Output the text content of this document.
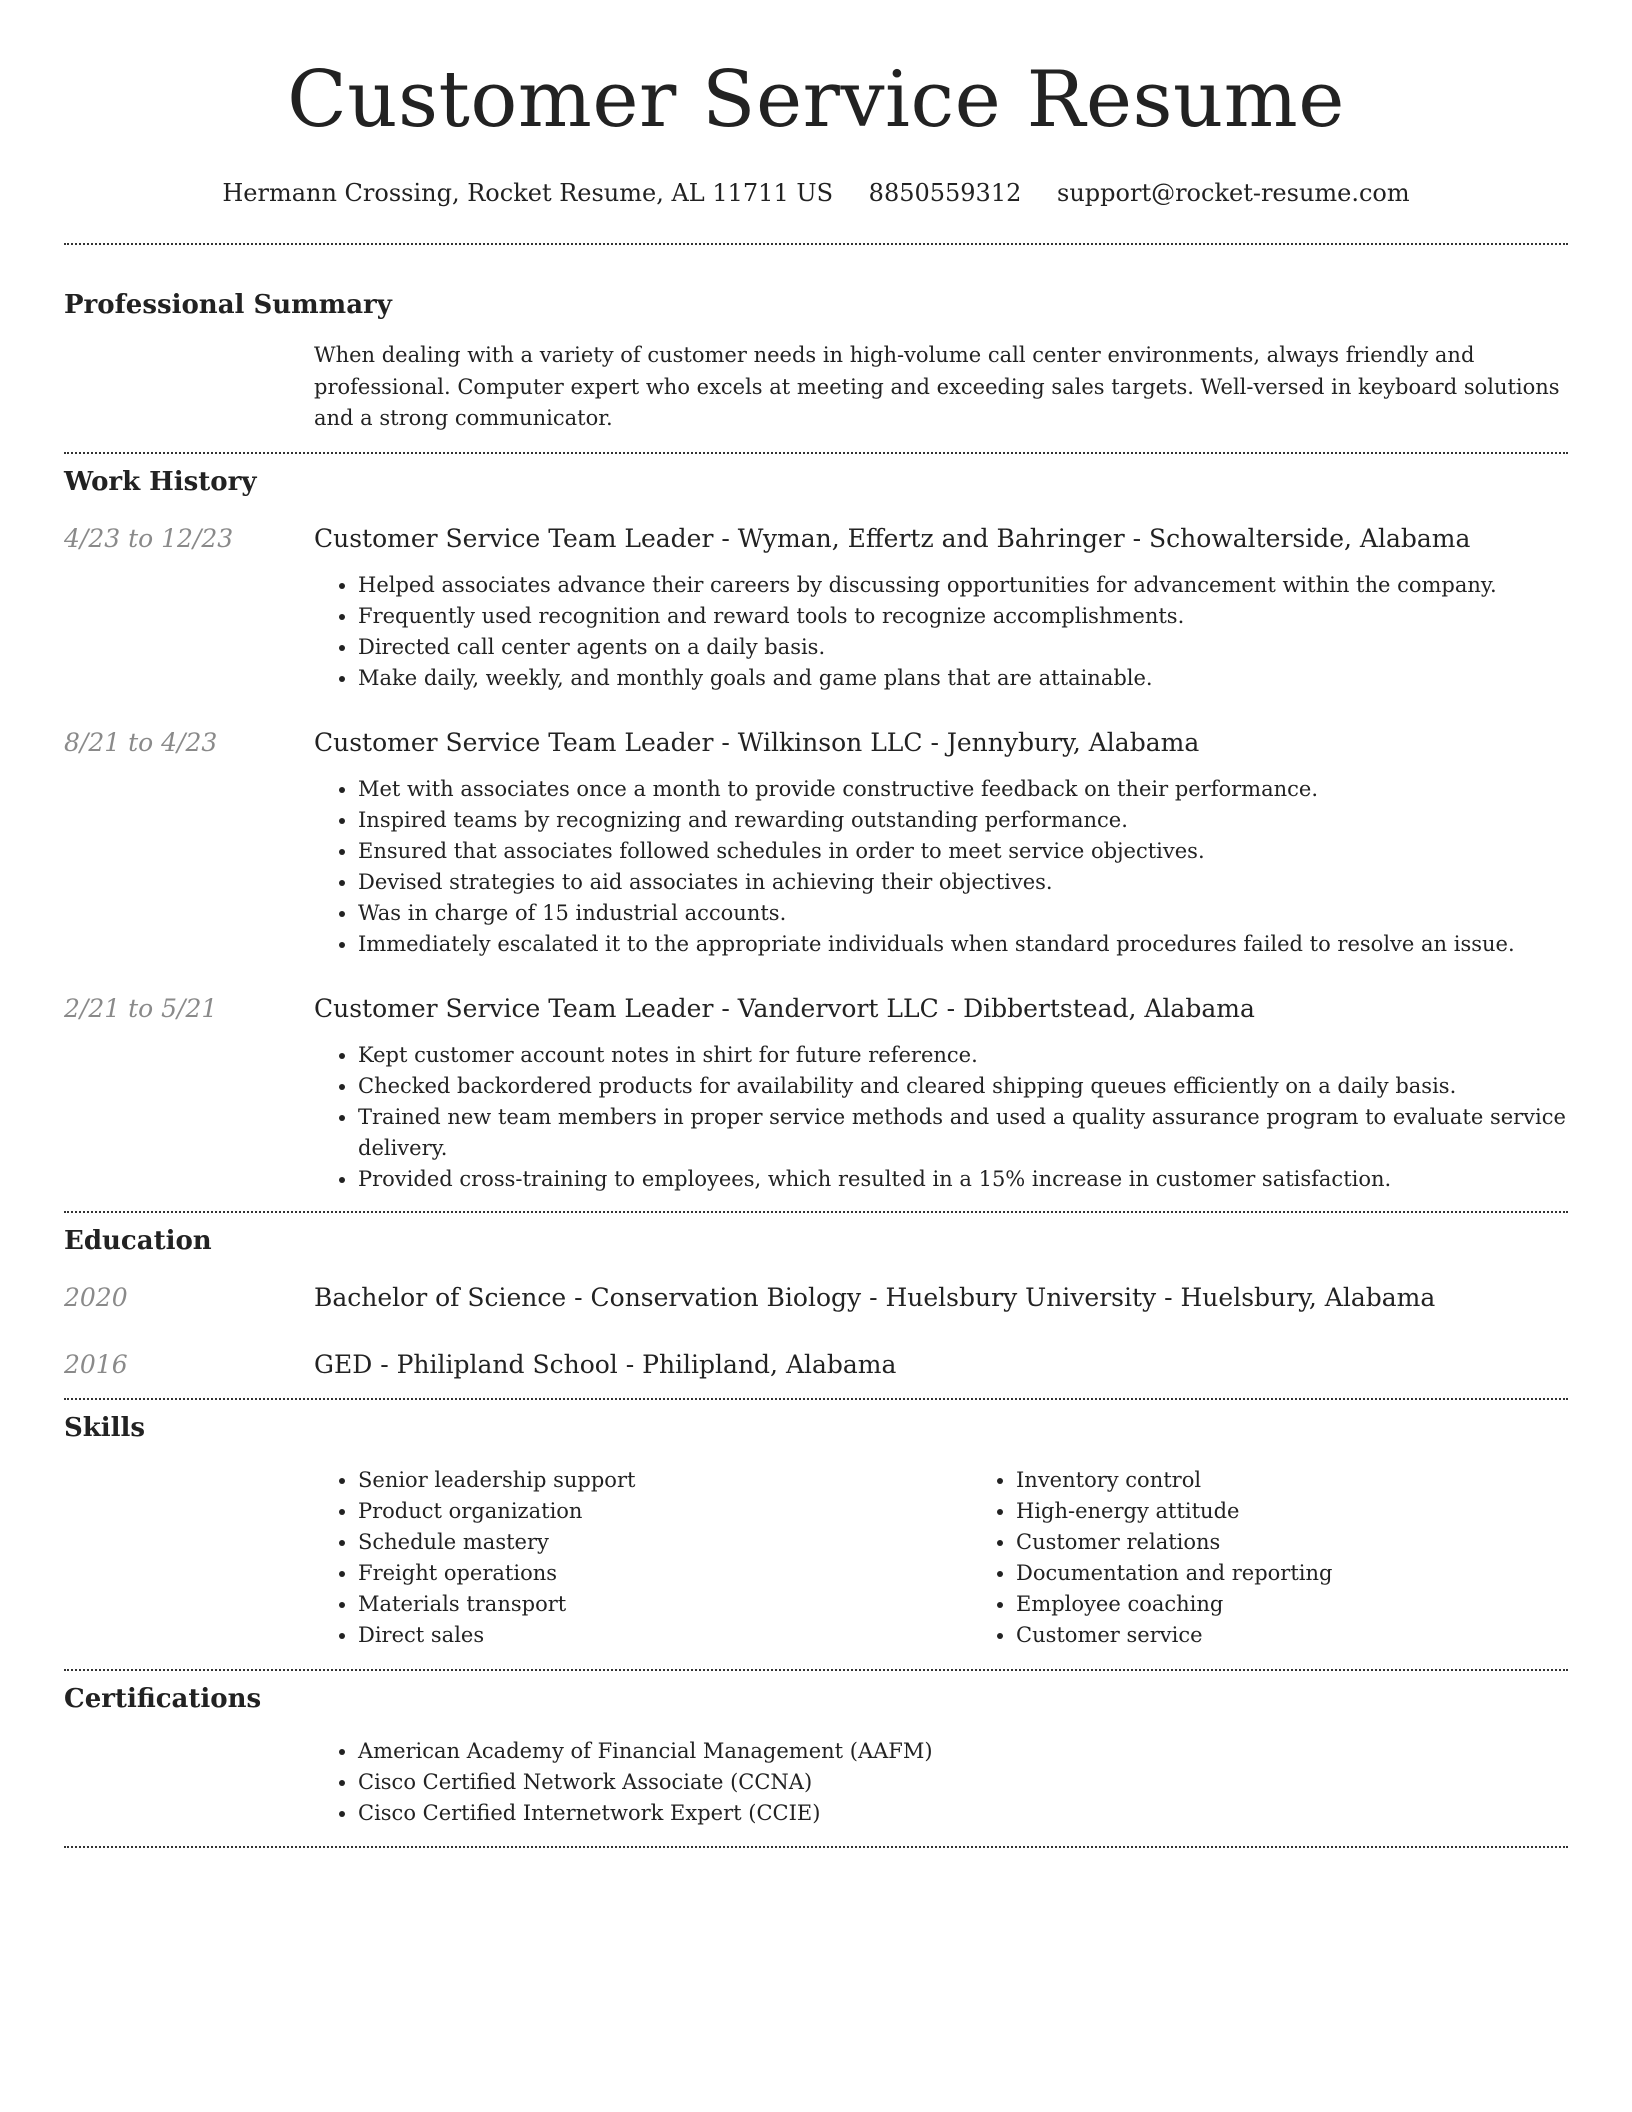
Customer Service Resume
Hermann Crossing, Rocket Resume, AL 11711 US 8850559312 support@rocket-resume.com
Professional Summary
When dealing with a variety of customer needs in high-volume call center environments, always friendly and professional. Computer expert who excels at meeting and exceeding sales targets. Well-versed in keyboard solutions and a strong communicator.
Work History
4/23 to 12/23	Customer Service Team Leader - Wyman, Effertz and Bahringer - Schowalterside, Alabama
• Helped associates advance their careers by discussing opportunities for advancement within the company.
• Frequently used recognition and reward tools to recognize accomplishments.
• Directed call center agents on a daily basis.
• Make daily, weekly, and monthly goals and game plans that are attainable.
8/21 to 4/23	Customer Service Team Leader - Wilkinson LLC - Jennybury, Alabama
• Met with associates once a month to provide constructive feedback on their performance.
• Inspired teams by recognizing and rewarding outstanding performance.
• Ensured that associates followed schedules in order to meet service objectives.
• Devised strategies to aid associates in achieving their objectives.
• Was in charge of 15 industrial accounts.
• Immediately escalated it to the appropriate individuals when standard procedures failed to resolve an issue.
2/21 to 5/21	Customer Service Team Leader - Vandervort LLC - Dibbertstead, Alabama
• Kept customer account notes in shirt for future reference.
• Checked backordered products for availability and cleared shipping queues efficiently on a daily basis.
• Trained new team members in proper service methods and used a quality assurance program to evaluate service delivery.
• Provided cross-training to employees, which resulted in a 15% increase in customer satisfaction.
Education
2020	Bachelor of Science - Conservation Biology - Huelsbury University - Huelsbury, Alabama
2016	GED - Philipland School - Philipland, Alabama
Skills
• Senior leadership support
• Product organization
• Schedule mastery
• Freight operations
• Materials transport
• Direct sales
• Inventory control
• High-energy attitude
• Customer relations
• Documentation and reporting
• Employee coaching
• Customer service
Certifications
• American Academy of Financial Management (AAFM)
• Cisco Certified Network Associate (CCNA)
• Cisco Certified Internetwork Expert (CCIE)
